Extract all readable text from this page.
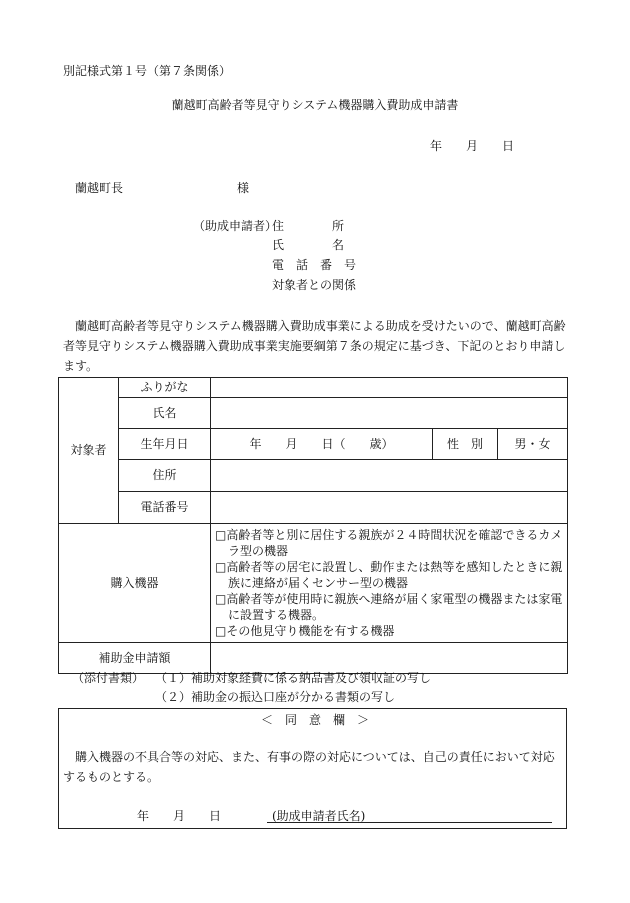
別記様式第１号（第７条関係）
蘭越町高齢者等見守りシステム機器購入費助成申請書
年　　月　　日
蘭越町長	様
（助成申請者）
住　　　　所
氏　　　　名
電　話　番　号
対象者との関係
蘭越町高齢者等見守りシステム機器購入費助成事業による助成を受けたいので、蘭越町高齢者等見守りシステム機器購入費助成事業実施要綱第７条の規定に基づき、下記のとおり申請します。
対象者	ふりがな			
	氏名			
	生年月日	年　　月　　日（　　歳）	性　別	男・女
	住所			
	電話番号			
購入機器		□高齢者等と別に居住する親族が２４時間状況を確認できるカメラ型の機器
□高齢者等の居宅に設置し、動作または熱等を感知したときに親族に連絡が届くセンサー型の機器
□高齢者等が使用時に親族へ連絡が届く家電型の機器または家電に設置する機器。
□その他見守り機能を有する機器		

補助金申請額				
（添付書類） （１）補助対象経費に係る納品書及び領収証の写し
（２）補助金の振込口座が分かる書類の写し
＜　同　意　欄　＞
購入機器の不具合等の対応、また、有事の際の対応については、自己の責任において対応するものとする。
年　　月　　日	(助成申請者氏名)
